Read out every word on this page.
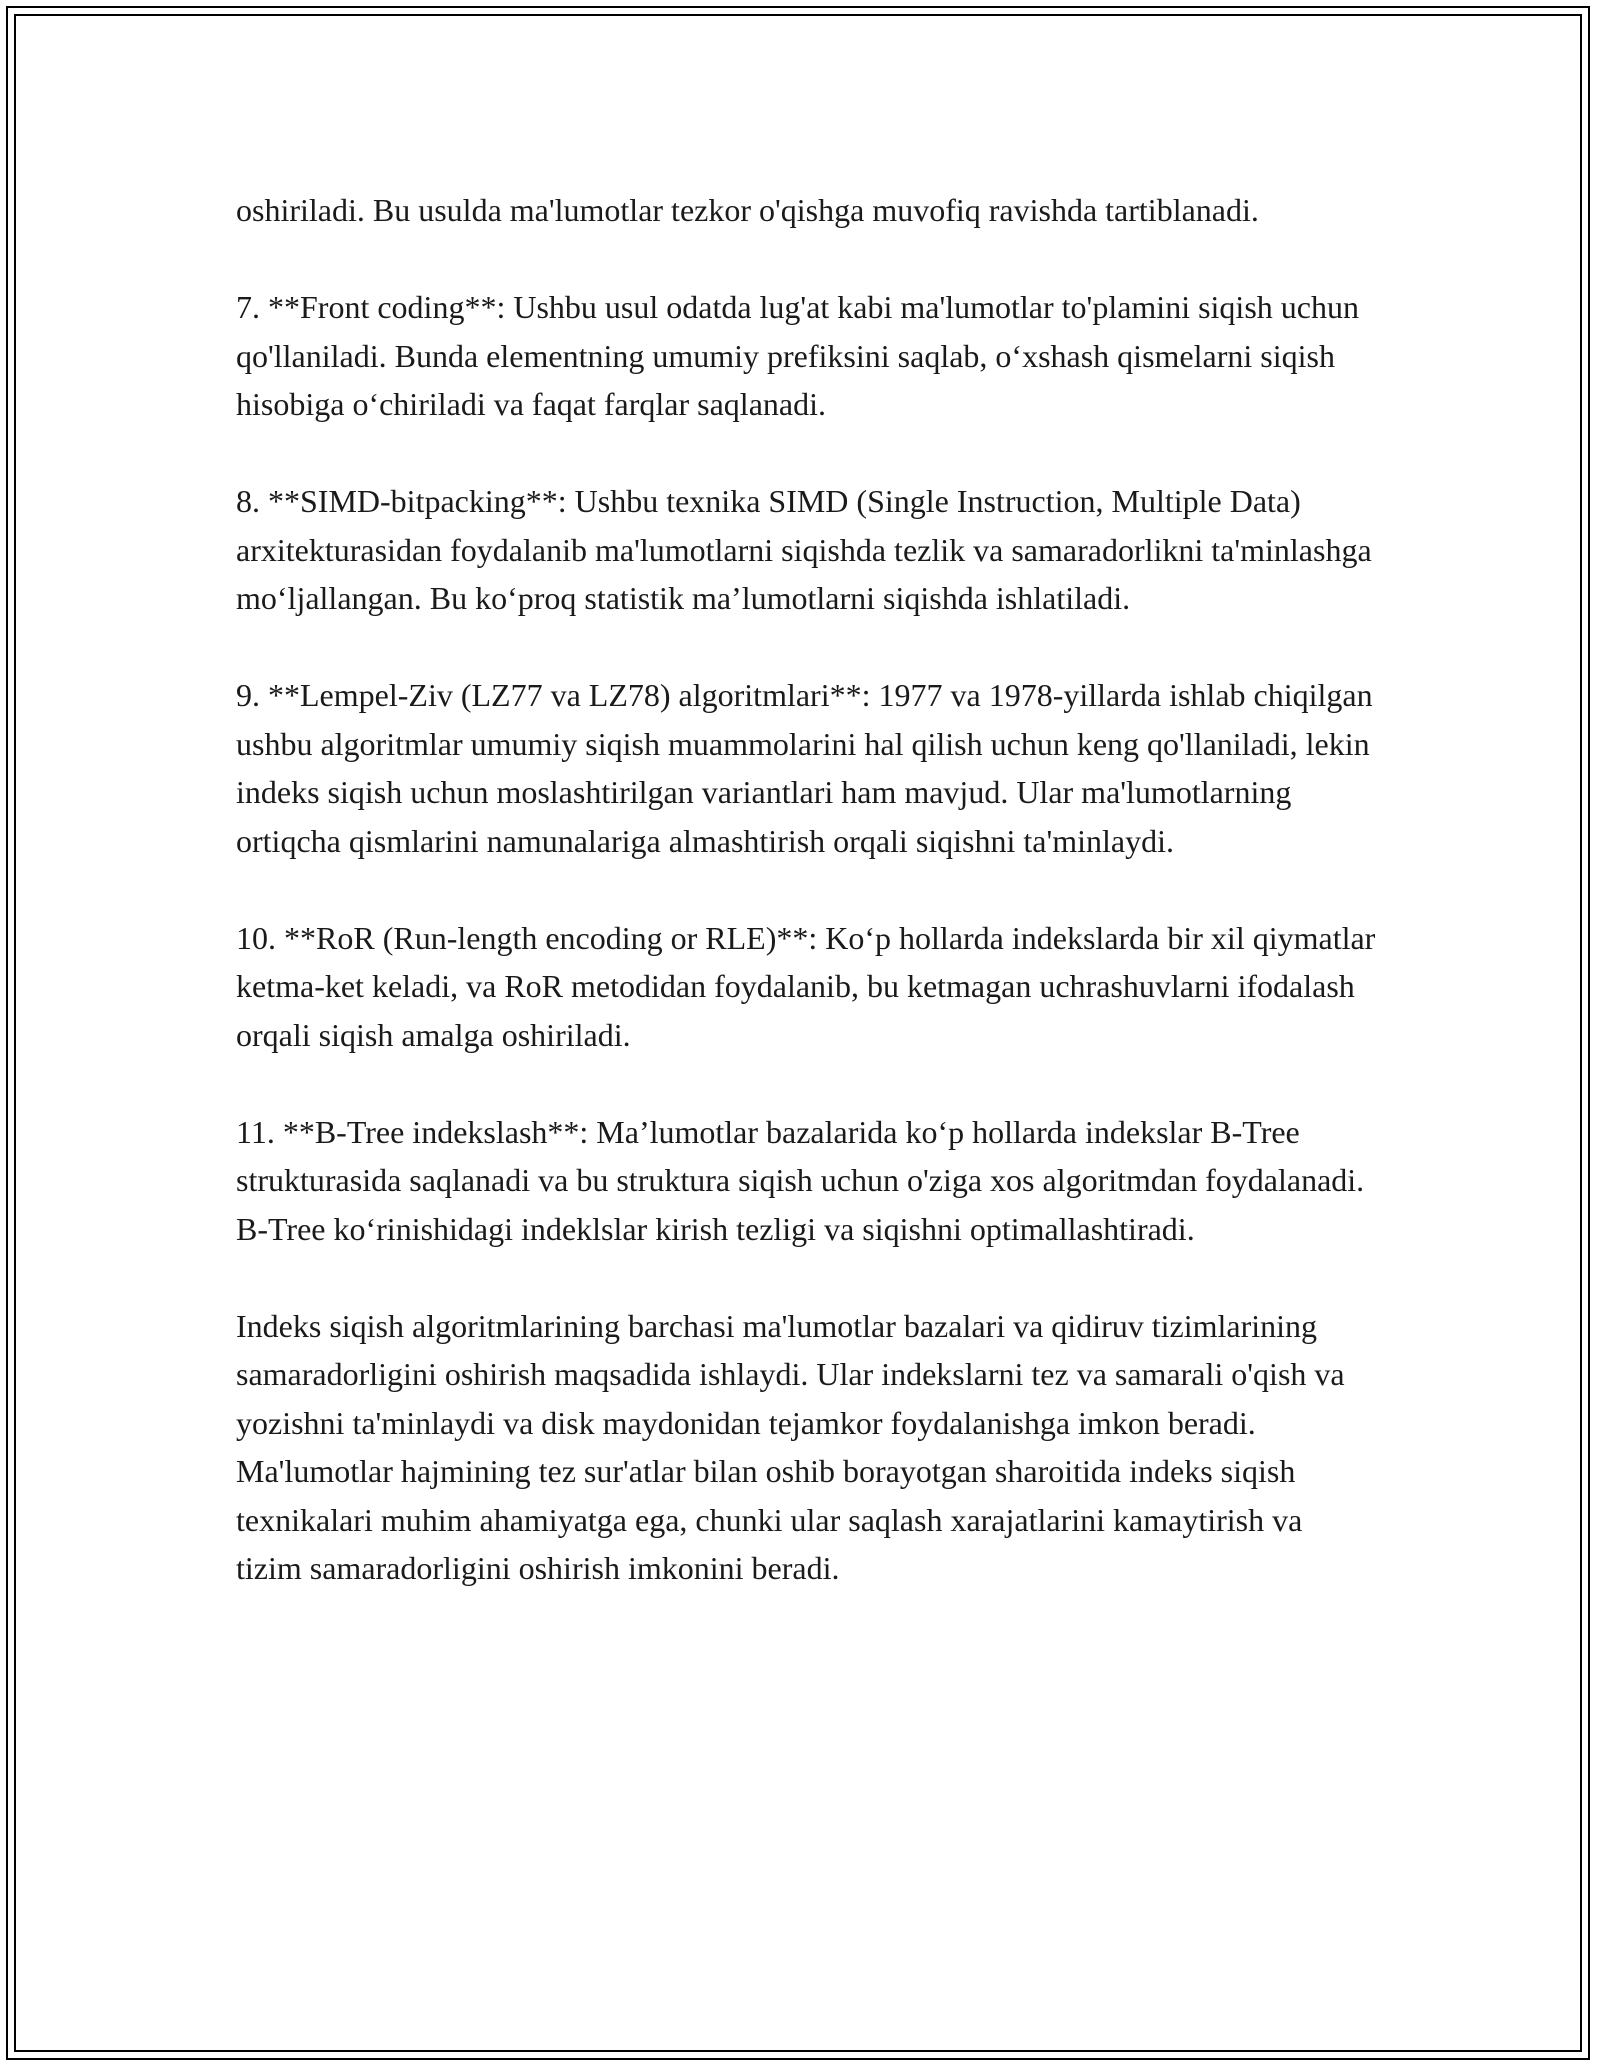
oshiriladi. Bu usulda ma'lumotlar tezkor o'qishga muvofiq ravishda tartiblanadi.

7. **Front coding**: Ushbu usul odatda lug'at kabi ma'lumotlar to'plamini siqish uchun qo'llaniladi. Bunda elementning umumiy prefiksini saqlab, o‘xshash qismelarni siqish hisobiga o‘chiriladi va faqat farqlar saqlanadi.

8. **SIMD-bitpacking**: Ushbu texnika SIMD (Single Instruction, Multiple Data) arxitekturasidan foydalanib ma'lumotlarni siqishda tezlik va samaradorlikni ta'minlashga mo‘ljallangan. Bu ko‘proq statistik ma’lumotlarni siqishda ishlatiladi.

9. **Lempel-Ziv (LZ77 va LZ78) algoritmlari**: 1977 va 1978-yillarda ishlab chiqilgan ushbu algoritmlar umumiy siqish muammolarini hal qilish uchun keng qo'llaniladi, lekin indeks siqish uchun moslashtirilgan variantlari ham mavjud. Ular ma'lumotlarning ortiqcha qismlarini namunalariga almashtirish orqali siqishni ta'minlaydi.

10. **RoR (Run-length encoding or RLE)**: Ko‘p hollarda indekslarda bir xil qiymatlar ketma-ket keladi, va RoR metodidan foydalanib, bu ketmagan uchrashuvlarni ifodalash orqali siqish amalga oshiriladi.

11. **B-Tree indekslash**: Ma’lumotlar bazalarida ko‘p hollarda indekslar B-Tree strukturasida saqlanadi va bu struktura siqish uchun o'ziga xos algoritmdan foydalanadi. B-Tree ko‘rinishidagi indeklslar kirish tezligi va siqishni optimallashtiradi.

Indeks siqish algoritmlarining barchasi ma'lumotlar bazalari va qidiruv tizimlarining samaradorligini oshirish maqsadida ishlaydi. Ular indekslarni tez va samarali o'qish va yozishni ta'minlaydi va disk maydonidan tejamkor foydalanishga imkon beradi. Ma'lumotlar hajmining tez sur'atlar bilan oshib borayotgan sharoitida indeks siqish texnikalari muhim ahamiyatga ega, chunki ular saqlash xarajatlarini kamaytirish va tizim samaradorligini oshirish imkonini beradi.
